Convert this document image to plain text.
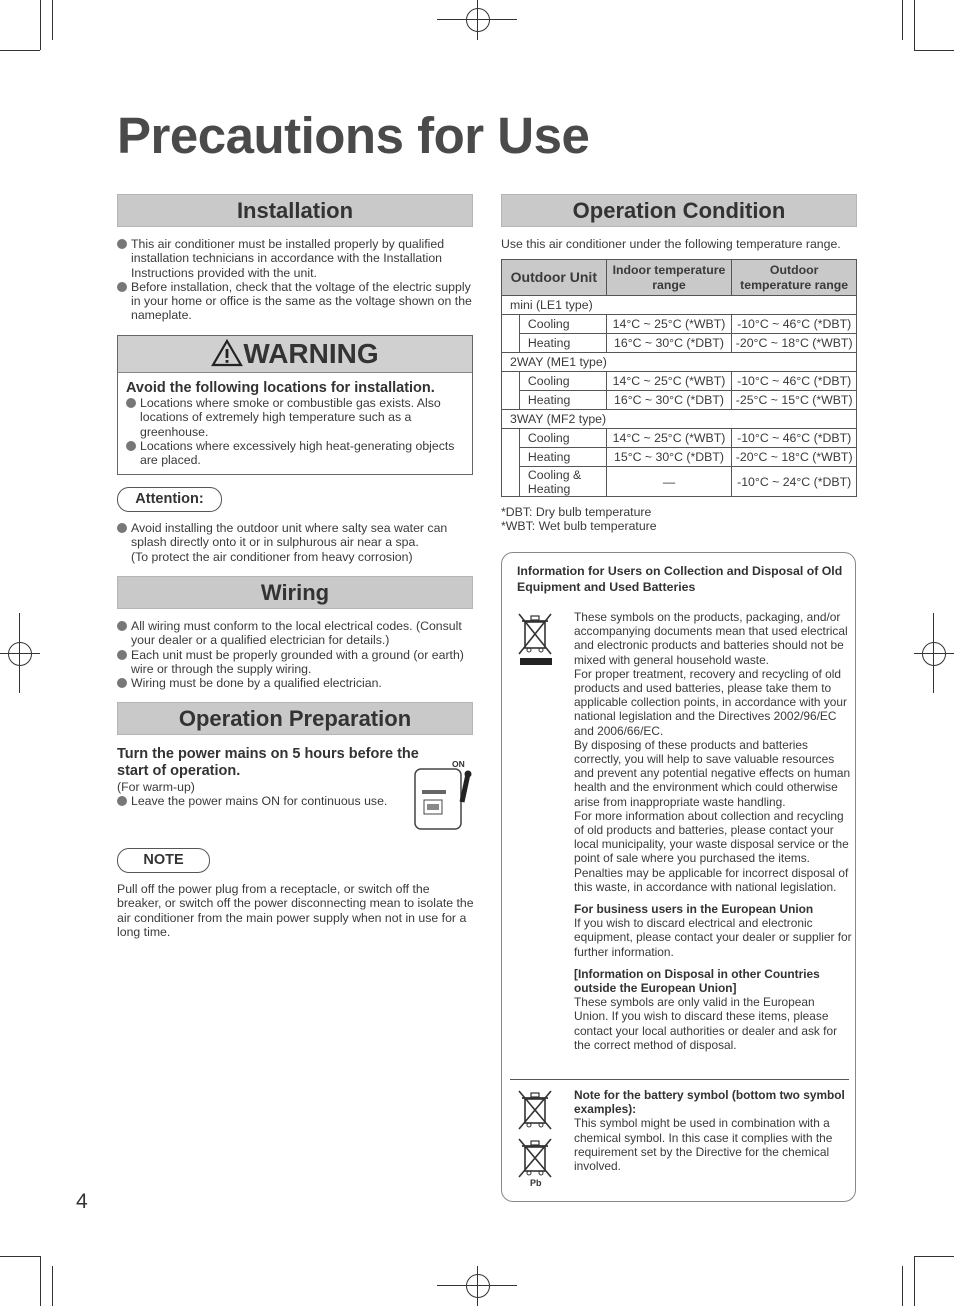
Precautions for Use
Installation
This air conditioner must be installed properly by qualified installation technicians in accordance with the Installation Instructions provided with the unit.
Before installation, check that the voltage of the electric supply in your home or office is the same as the voltage shown on the nameplate.
WARNING
Avoid the following locations for installation.
Locations where smoke or combustible gas exists. Also locations of extremely high temperature such as a greenhouse.
Locations where excessively high heat-generating objects are placed.
Attention:
Avoid installing the outdoor unit where salty sea water can splash directly onto it or in sulphurous air near a spa.
(To protect the air conditioner from heavy corrosion)
Wiring
All wiring must conform to the local electrical codes. (Consult your dealer or a qualified electrician for details.)
Each unit must be properly grounded with a ground (or earth) wire or through the supply wiring.
Wiring must be done by a qualified electrician.
Operation Preparation
Turn the power mains on 5 hours before the start of operation.
(For warm-up)
Leave the power mains ON for continuous use.
ON
NOTE
Pull off the power plug from a receptacle, or switch off the breaker, or switch off the power disconnecting mean to isolate the air conditioner from the main power supply when not in use for a long time.
Operation Condition
Use this air conditioner under the following temperature range.
Outdoor Unit		Indoor temperature range	Outdoor temperature range
mini (LE1 type)			
	Cooling	14°C ~ 25°C (*WBT)	-10°C ~ 46°C (*DBT)
	Heating	16°C ~ 30°C (*DBT)	-20°C ~ 18°C (*WBT)
2WAY (ME1 type)			
	Cooling	14°C ~ 25°C (*WBT)	-10°C ~ 46°C (*DBT)
	Heating	16°C ~ 30°C (*DBT)	-25°C ~ 15°C (*WBT)
3WAY (MF2 type)			
	Cooling	14°C ~ 25°C (*WBT)	-10°C ~ 46°C (*DBT)
	Heating	15°C ~ 30°C (*DBT)	-20°C ~ 18°C (*WBT)
	Cooling & Heating	—	-10°C ~ 24°C (*DBT)
*DBT: Dry bulb temperature
*WBT: Wet bulb temperature
Information for Users on Collection and Disposal of Old Equipment and Used Batteries
These symbols on the products, packaging, and/or accompanying documents mean that used electrical and electronic products and batteries should not be mixed with general household waste.
For proper treatment, recovery and recycling of old products and used batteries, please take them to applicable collection points, in accordance with your national legislation and the Directives 2002/96/EC and 2006/66/EC.
By disposing of these products and batteries correctly, you will help to save valuable resources and prevent any potential negative effects on human health and the environment which could otherwise arise from inappropriate waste handling.
For more information about collection and recycling of old products and batteries, please contact your local municipality, your waste disposal service or the point of sale where you purchased the items.
Penalties may be applicable for incorrect disposal of this waste, in accordance with national legislation.
For business users in the European Union
If you wish to discard electrical and electronic equipment, please contact your dealer or supplier for further information.
[Information on Disposal in other Countries outside the European Union]
These symbols are only valid in the European Union. If you wish to discard these items, please contact your local authorities or dealer and ask for the correct method of disposal.
Pb
Note for the battery symbol (bottom two symbol examples):
This symbol might be used in combination with a chemical symbol. In this case it complies with the requirement set by the Directive for the chemical involved.
4
